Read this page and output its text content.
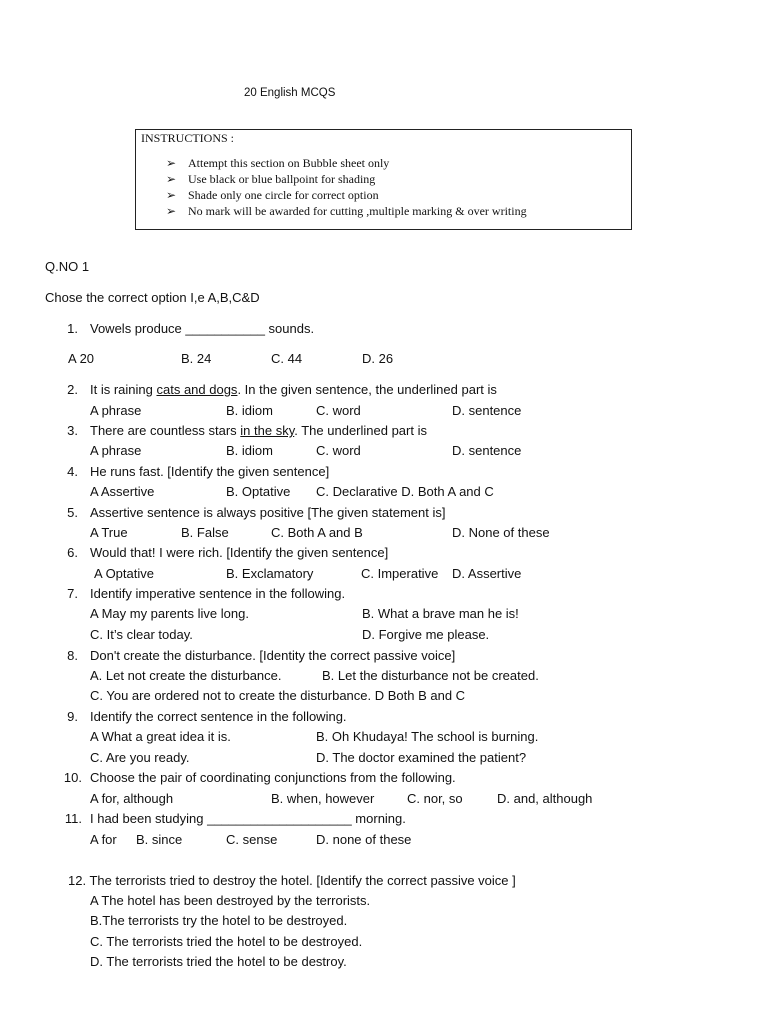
20 English MCQS
INSTRUCTIONS :
➢ Attempt this section on Bubble sheet only
➢ Use black or blue ballpoint for shading
➢ Shade only one circle for correct option
➢ No mark will be awarded for cutting ,multiple marking & over writing
Q.NO 1
Chose the correct option I,e A,B,C&D
1. Vowels produce ___________ sounds.
A 20	B. 24	C. 44	D. 26
2. It is raining cats and dogs. In the given sentence, the underlined part is
A phrase	B. idiom	C. word	D. sentence
3. There are countless stars in the sky. The underlined part is
A phrase	B. idiom	C. word	D. sentence
4. He runs fast. [Identify the given sentence]
A Assertive	B. Optative C. Declarative D. Both A and C
5. Assertive sentence is always positive [The given statement is]
A True	B. False	C. Both A and B	D. None of these
6. Would that! I were rich. [Identify the given sentence]
A Optative	B. Exclamatory	C. Imperative D. Assertive
7. Identify imperative sentence in the following.
A May my parents live long.	B. What a brave man he is!
C. It’s clear today.	D. Forgive me please.
8. Don't create the disturbance. [Identity the correct passive voice]
A. Let not create the disturbance.	B. Let the disturbance not be created.
C. You are ordered not to create the disturbance. D Both B and C
9. Identify the correct sentence in the following.
A What a great idea it is.	B. Oh Khudaya! The school is burning.
C. Are you ready.	D. The doctor examined the patient?
10. Choose the pair of coordinating conjunctions from the following.
A for, although	B. when, however	C. nor, so	D. and, although
11. I had been studying ____________________ morning.
A for B. since	C. sense	D. none of these
12. The terrorists tried to destroy the hotel. [Identify the correct passive voice ]
A The hotel has been destroyed by the terrorists.
B.The terrorists try the hotel to be destroyed.
C. The terrorists tried the hotel to be destroyed.
D. The terrorists tried the hotel to be destroy.
